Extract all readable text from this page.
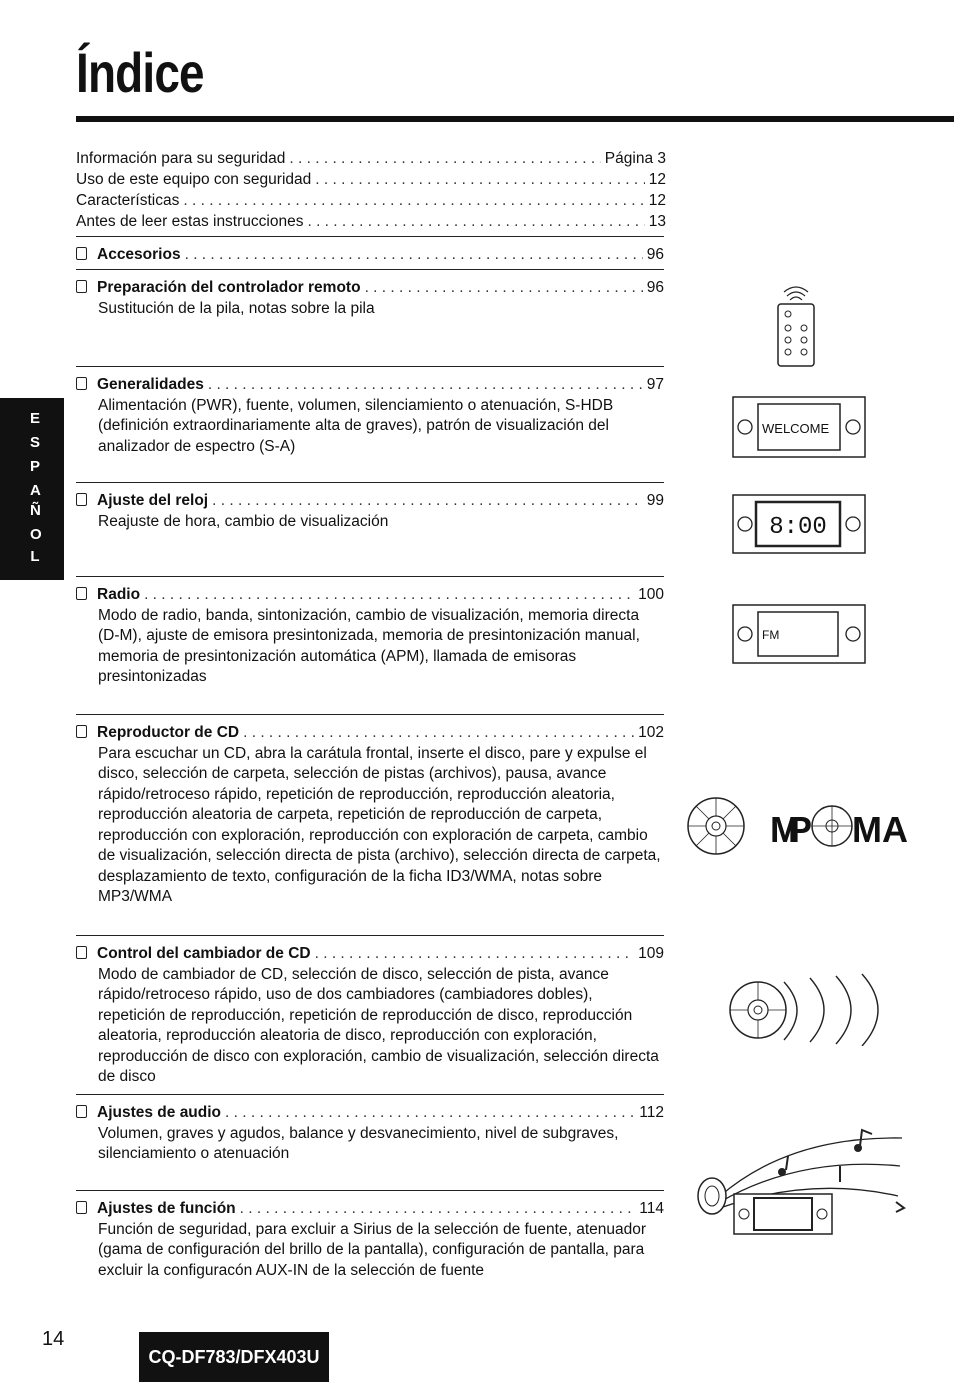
Índice
E
S
P
A
Ñ
O
L
Información para su seguridad . . .	Página 3
Uso de este equipo con seguridad . . .	12
Características . . .	12
Antes de leer estas instrucciones . . .	13
Accesorios . . .	96
Preparación del controlador remoto . . .	96
Sustitución de la pila, notas sobre la pila
Generalidades . . .	97
Alimentación (PWR), fuente, volumen, silenciamiento o atenuación, S-HDB (definición extraordinariamente alta de graves), patrón de visualización del analizador de espectro (S-A)
Ajuste del reloj . . .	99
Reajuste de hora, cambio de visualización
Radio . . .	100
Modo de radio, banda, sintonización, cambio de visualización, memoria directa (D-M), ajuste de emisora presintonizada, memoria de presintonización manual, memoria de presintonización automática (APM), llamada de emisoras presintonizadas
Reproductor de CD . . .	102
Para escuchar un CD, abra la carátula frontal, inserte el disco, pare y expulse el disco, selección de carpeta, selección de pistas (archivos), pausa, avance rápido/retroceso rápido, repetición de reproducción, reproducción aleatoria, reproducción aleatoria de carpeta, repetición de reproducción de carpeta, reproducción con exploración, reproducción con exploración de carpeta, cambio de visualización, selección directa de pista (archivo), selección directa de carpeta, desplazamiento de texto, configuración de la ficha ID3/WMA, notas sobre MP3/WMA
Control del cambiador de CD . . .	109
Modo de cambiador de CD, selección de disco, selección de pista, avance rápido/retroceso rápido, uso de dos cambiadores (cambiadores dobles), repetición de reproducción, repetición de reproducción de disco, reproducción aleatoria, reproducción aleatoria de disco, reproducción con exploración, reproducción de disco con exploración, cambio de visualización, selección directa de disco
Ajustes de audio . . .	112
Volumen, graves y agudos, balance y desvanecimiento, nivel de subgraves, silenciamiento o atenuación
Ajustes de función . . .	114
Función de seguridad, para excluir a Sirius de la selección de fuente, atenuador (gama de configuración del brillo de la pantalla), configuración de pantalla, para excluir la configuracón AUX-IN de la selección de fuente
WELCOME
8:00
FM
MP MA
14
CQ-DF783/DFX403U
